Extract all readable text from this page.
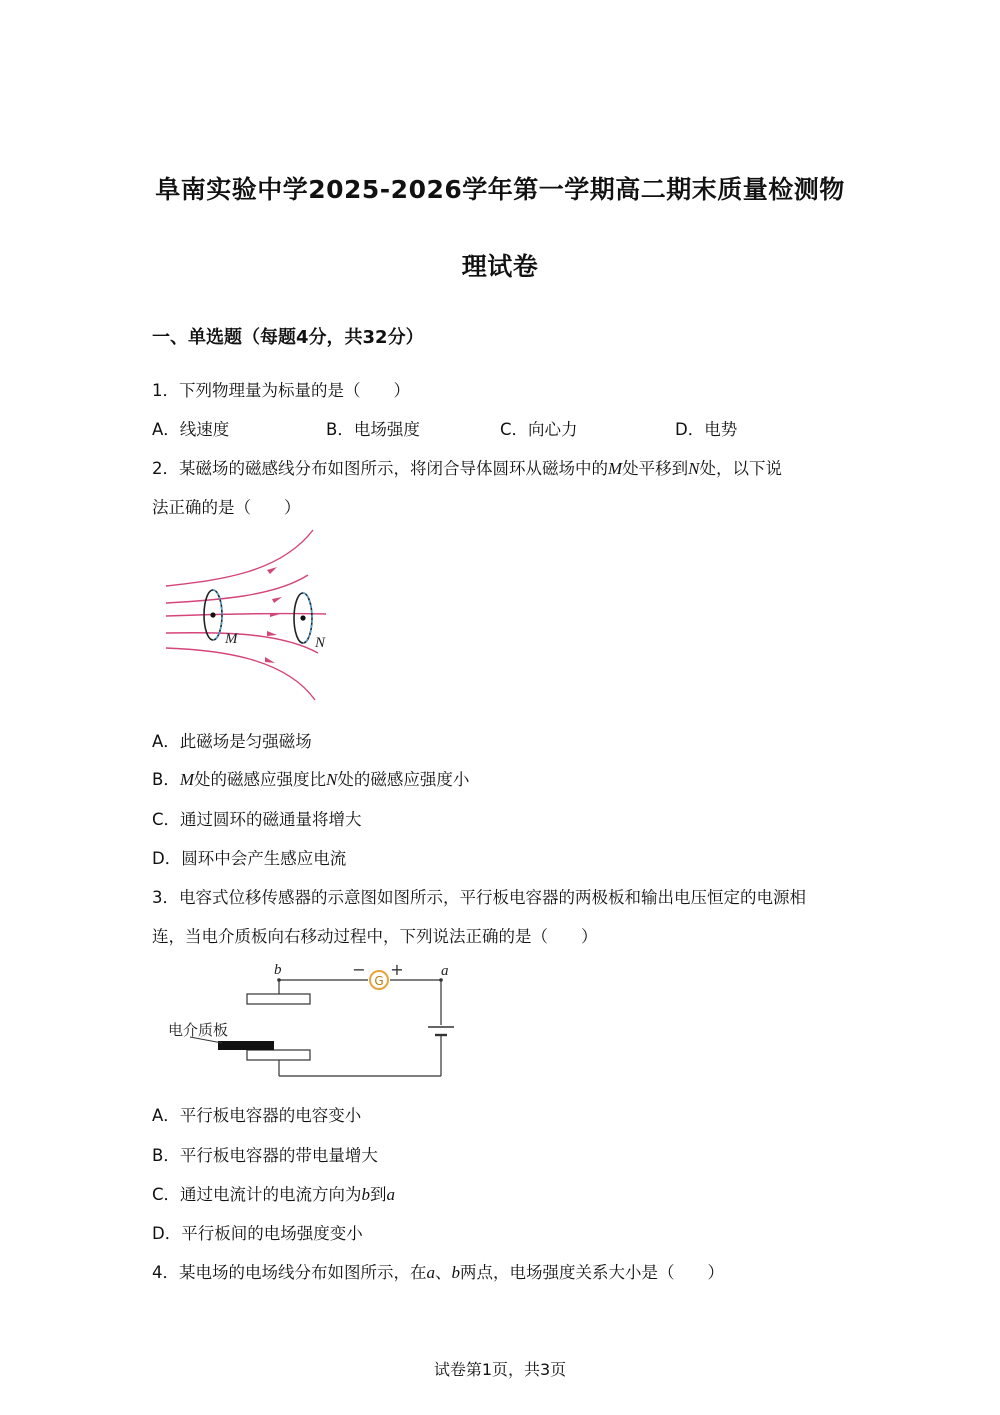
阜南实验中学2025-2026学年第一学期高二期末质量检测物
理试卷
一、单选题（每题4分，共32分）
1．下列物理量为标量的是（　　）
A．线速度	B．电场强度	C．向心力	D．电势
2．某磁场的磁感线分布如图所示，将闭合导体圆环从磁场中的M处平移到N处，以下说
法正确的是（　　）
M	N
A．此磁场是匀强磁场
B．M处的磁感应强度比N处的磁感应强度小
C．通过圆环的磁通量将增大
D．圆环中会产生感应电流
3．电容式位移传感器的示意图如图所示，平行板电容器的两极板和输出电压恒定的电源相
连，当电介质板向右移动过程中，下列说法正确的是（　　）
G
− +
b	a
电介质板
A．平行板电容器的电容变小
B．平行板电容器的带电量增大
C．通过电流计的电流方向为b到a
D．平行板间的电场强度变小
4．某电场的电场线分布如图所示，在a、b两点，电场强度关系大小是（　　）
试卷第1页，共3页
